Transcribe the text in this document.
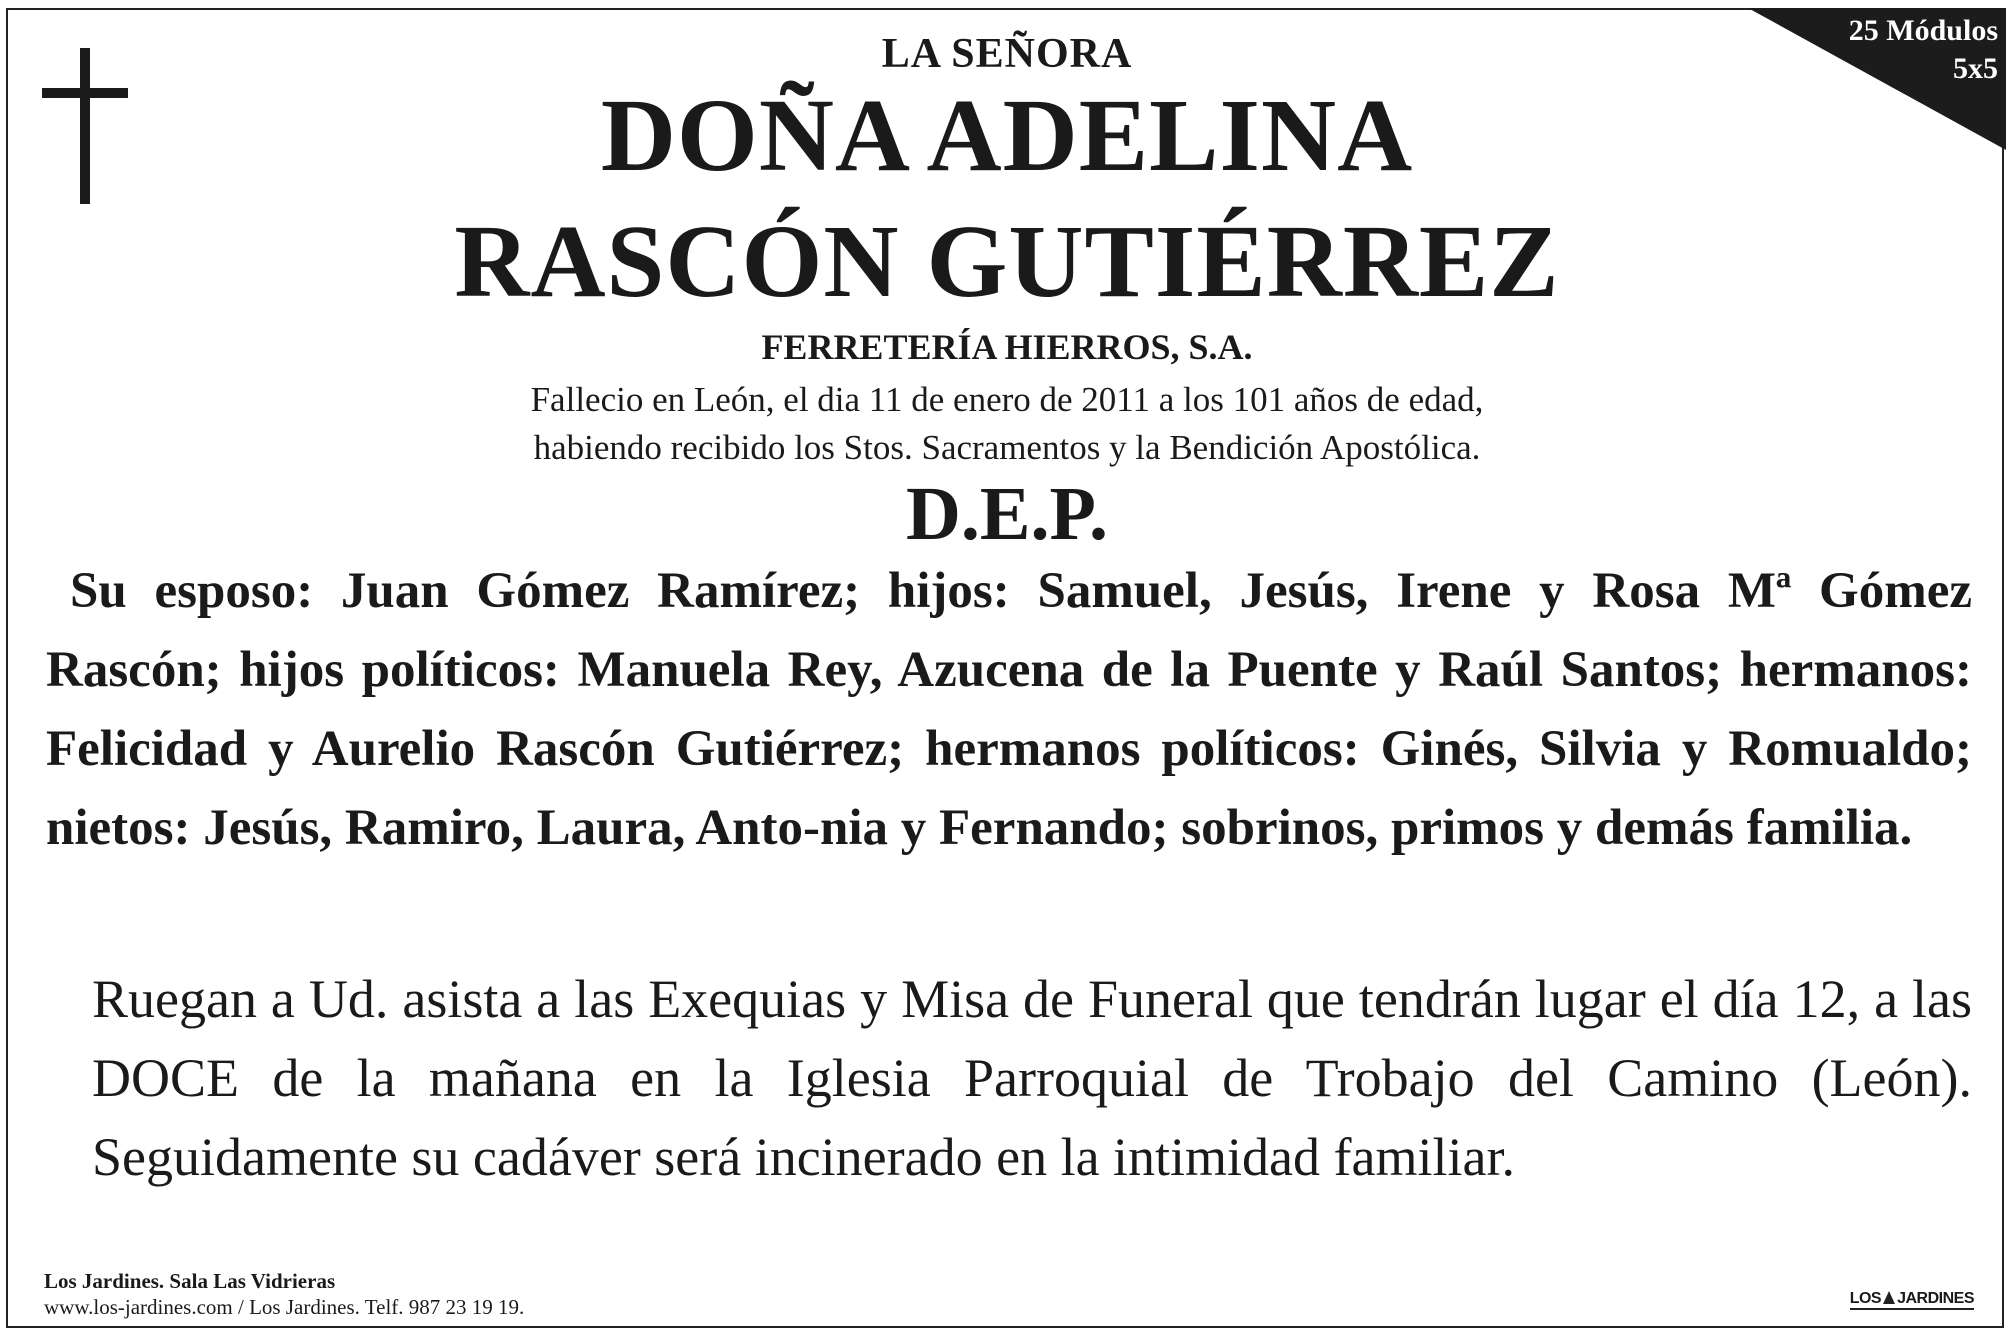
25 Módulos
5x5
LA SEÑORA
DOÑA ADELINA
RASCÓN GUTIÉRREZ
FERRETERÍA HIERROS, S.A.
Fallecio en León, el dia 11 de enero de 2011 a los 101 años de edad,
habiendo recibido los Stos. Sacramentos y la Bendición Apostólica.
D.E.P.
Su esposo: Juan Gómez Ramírez; hijos: Samuel, Jesús, Irene y Rosa Mª Gómez Rascón; hijos políticos: Manuela Rey, Azucena de la Puente y Raúl Santos; hermanos: Felicidad y Aurelio Rascón Gutiérrez; hermanos políticos: Ginés, Silvia y Romualdo; nietos: Jesús, Ramiro, Laura, Anto-nia y Fernando; sobrinos, primos y demás familia.
Ruegan a Ud. asista a las Exequias y Misa de Funeral que tendrán lugar el día 12, a las DOCE de la mañana en la Iglesia Parroquial de Trobajo del Camino (León). Seguidamente su cadáver será incinerado en la intimidad familiar.
Los Jardines. Sala Las Vidrieras
www.los-jardines.com / Los Jardines. Telf. 987 23 19 19.	LOS JARDINES
